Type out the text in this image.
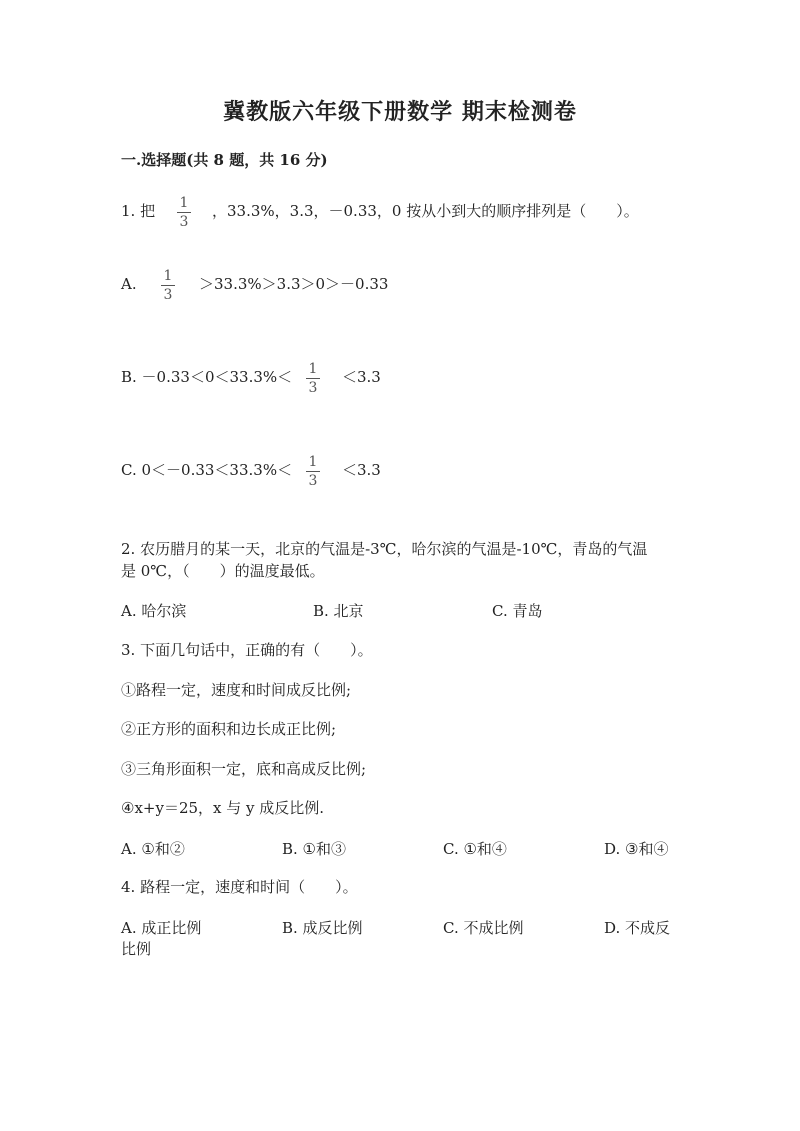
冀教版六年级下册数学 期末检测卷
一.选择题(共 8 题，共 16 分)
1. 把 1
3
，33.3%，3.3，－0.33，0 按从小到大的顺序排列是（　　）。
A. 1
3
＞33.3%＞3.3＞0＞－0.33
B. －0.33＜0＜33.3%＜ 1
3
＜3.3
C. 0＜－0.33＜33.3%＜ 1
3
＜3.3
2. 农历腊月的某一天，北京的气温是-3℃，哈尔滨的气温是-10℃，青岛的气温
是 0℃，（　　）的温度最低。
A. 哈尔滨	B. 北京	C. 青岛
3. 下面几句话中，正确的有（　　）。
①路程一定，速度和时间成反比例;
②正方形的面积和边长成正比例;
③三角形面积一定，底和高成反比例;
④x+y＝25，x 与 y 成反比例.
A. ①和②	B. ①和③	C. ①和④	D. ③和④
4. 路程一定，速度和时间（　　）。
A. 成正比例	B. 成反比例	C. 不成比例	D. 不成反
比例
